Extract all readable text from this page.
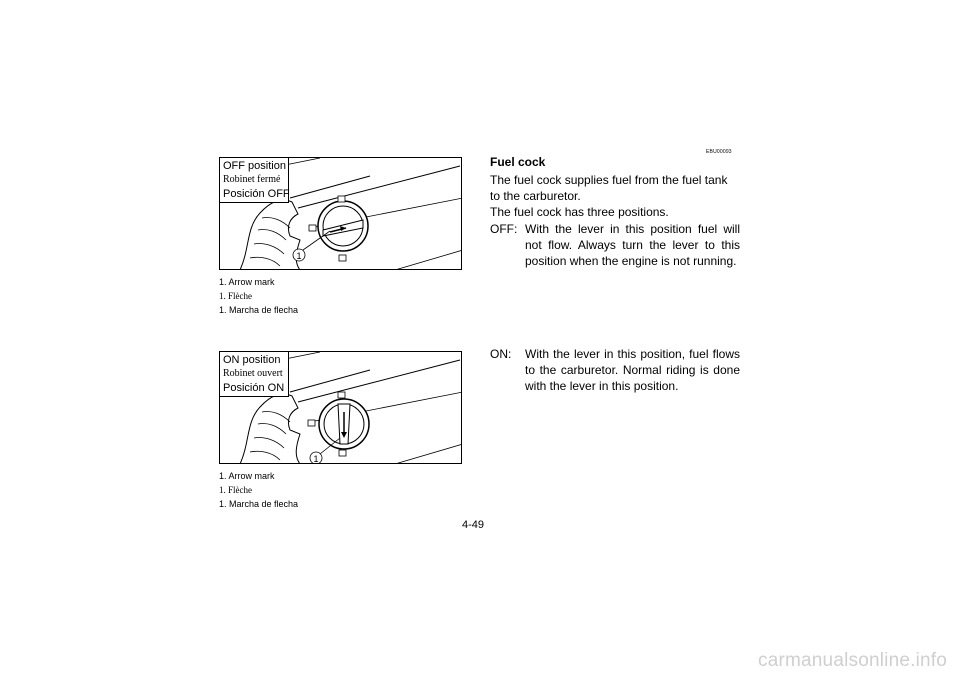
1
OFF position
Robinet fermé
Posición OFF
1. Arrow mark
1. Flèche
1. Marcha de flecha
1
ON position
Robinet ouvert
Posición ON
1. Arrow mark
1. Flèche
1. Marcha de flecha
EBU00093
Fuel cock

The fuel cock supplies fuel from the fuel tank to the carburetor.

The fuel cock has three positions.

OFF: With the lever in this position fuel will not flow. Always turn the lever to this position when the engine is not running.
ON: With the lever in this position, fuel flows to the carburetor. Normal riding is done with the lever in this position.
4-49
carmanualsonline.info
